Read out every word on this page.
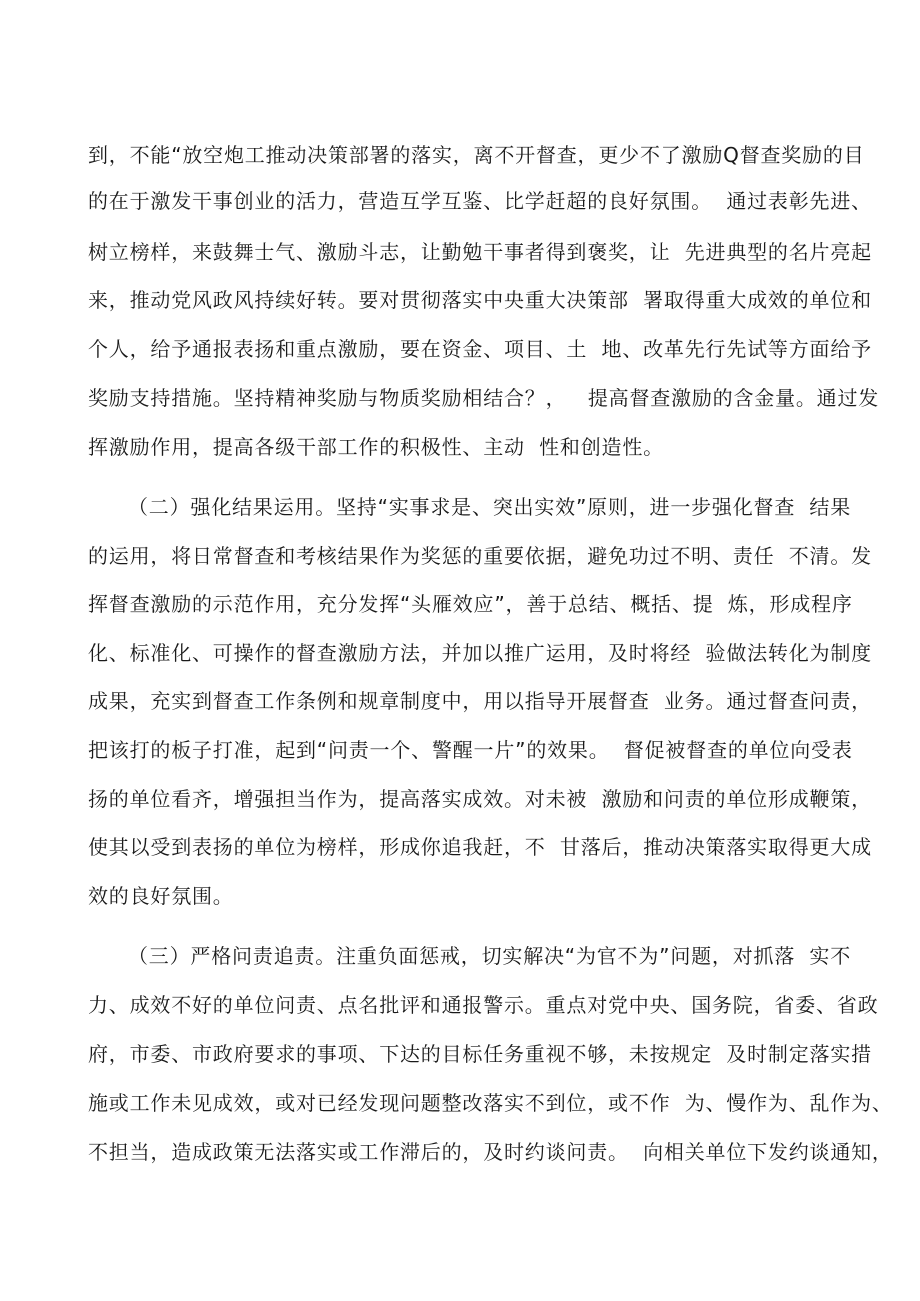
到，不能“放空炮工推动决策部署的落实，离不开督查，更少不了激励Q督查奖励的目
的在于激发干事创业的活力，营造互学互鉴、比学赶超的良好氛围。  通过表彰先进、
树立榜样，来鼓舞士气、激励斗志，让勤勉干事者得到褒奖，让  先进典型的名片亮起
来，推动党风政风持续好转。要对贯彻落实中央重大决策部  署取得重大成效的单位和
个人，给予通报表扬和重点激励，要在资金、项目、土  地、改革先行先试等方面给予
奖励支持措施。坚持精神奖励与物质奖励相结合？，   提高督查激励的含金量。通过发
挥激励作用，提高各级干部工作的积极性、主动  性和创造性。
（二）强化结果运用。坚持“实事求是、突出实效”原则，进一步强化督查  结果
的运用，将日常督查和考核结果作为奖惩的重要依据，避免功过不明、责任  不清。发
挥督查激励的示范作用，充分发挥“头雁效应”，善于总结、概括、提  炼，形成程序
化、标准化、可操作的督查激励方法，并加以推广运用，及时将经  验做法转化为制度
成果，充实到督查工作条例和规章制度中，用以指导开展督查  业务。通过督查问责，
把该打的板子打准，起到“问责一个、警醒一片”的效果。  督促被督查的单位向受表
扬的单位看齐，增强担当作为，提高落实成效。对未被  激励和问责的单位形成鞭策，
使其以受到表扬的单位为榜样，形成你追我赶，不  甘落后，推动决策落实取得更大成
效的良好氛围。
（三）严格问责追责。注重负面惩戒，切实解决“为官不为”问题，对抓落  实不
力、成效不好的单位问责、点名批评和通报警示。重点对党中央、国务院，省委、省政
府，市委、市政府要求的事项、下达的目标任务重视不够，未按规定  及时制定落实措
施或工作未见成效，或对已经发现问题整改落实不到位，或不作  为、慢作为、乱作为、
不担当，造成政策无法落实或工作滞后的，及时约谈问责。  向相关单位下发约谈通知，
